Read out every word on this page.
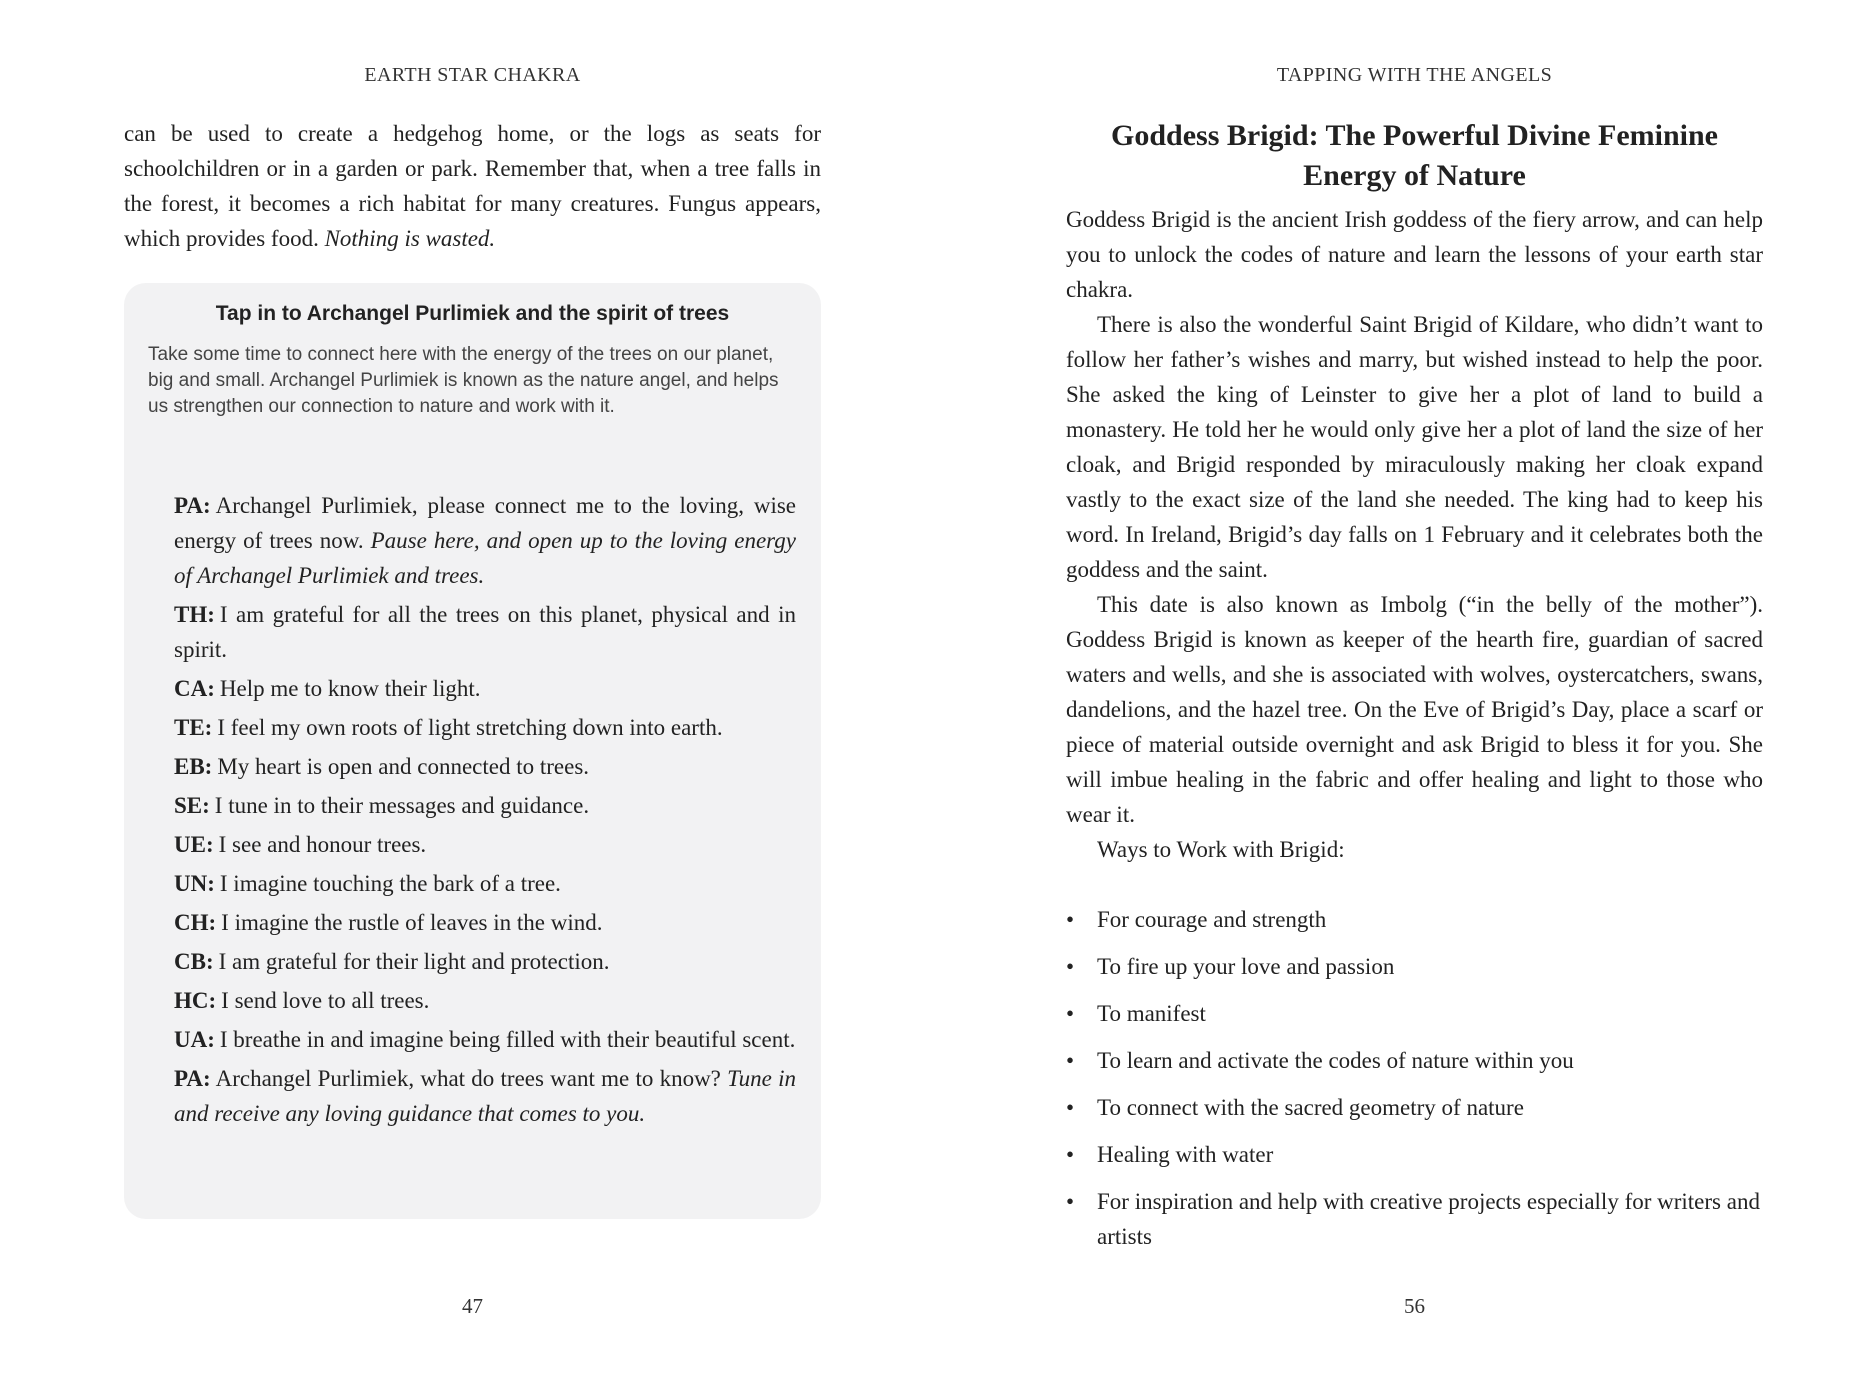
EARTH STAR CHAKRA

can be used to create a hedgehog home, or the logs as seats for schoolchildren or in a garden or park. Remember that, when a tree falls in the forest, it becomes a rich habitat for many creatures. Fungus appears, which provides food. Nothing is wasted.

Tap in to Archangel Purlimiek and the spirit of trees

Take some time to connect here with the energy of the trees on our planet, big and small. Archangel Purlimiek is known as the nature angel, and helps us strengthen our connection to nature and work with it.

PA: Archangel Purlimiek, please connect me to the loving, wise energy of trees now. Pause here, and open up to the loving energy of Archangel Purlimiek and trees.
TH: I am grateful for all the trees on this planet, physical and in spirit.
CA: Help me to know their light.
TE: I feel my own roots of light stretching down into earth.
EB: My heart is open and connected to trees.
SE: I tune in to their messages and guidance.
UE: I see and honour trees.
UN: I imagine touching the bark of a tree.
CH: I imagine the rustle of leaves in the wind.
CB: I am grateful for their light and protection.
HC: I send love to all trees.
UA: I breathe in and imagine being filled with their beautiful scent.
PA: Archangel Purlimiek, what do trees want me to know? Tune in and receive any loving guidance that comes to you.
47
TAPPING WITH THE ANGELS
Goddess Brigid: The Powerful Divine Feminine
Energy of Nature

Goddess Brigid is the ancient Irish goddess of the fiery arrow, and can help you to unlock the codes of nature and learn the lessons of your earth star chakra.

There is also the wonderful Saint Brigid of Kildare, who didn’t want to follow her father’s wishes and marry, but wished instead to help the poor. She asked the king of Leinster to give her a plot of land to build a monastery. He told her he would only give her a plot of land the size of her cloak, and Brigid responded by miraculously making her cloak expand vastly to the exact size of the land she needed. The king had to keep his word. In Ireland, Brigid’s day falls on 1 February and it celebrates both the goddess and the saint.

This date is also known as Imbolg (“in the belly of the mother”). Goddess Brigid is known as keeper of the hearth fire, guardian of sacred waters and wells, and she is associated with wolves, oystercatchers, swans, dandelions, and the hazel tree. On the Eve of Brigid’s Day, place a scarf or piece of material outside overnight and ask Brigid to bless it for you. She will imbue healing in the fabric and offer healing and light to those who wear it.

Ways to Work with Brigid:

• For courage and strength
• To fire up your love and passion
• To manifest
• To learn and activate the codes of nature within you
• To connect with the sacred geometry of nature
• Healing with water
• For inspiration and help with creative projects especially for writers and artists
56
